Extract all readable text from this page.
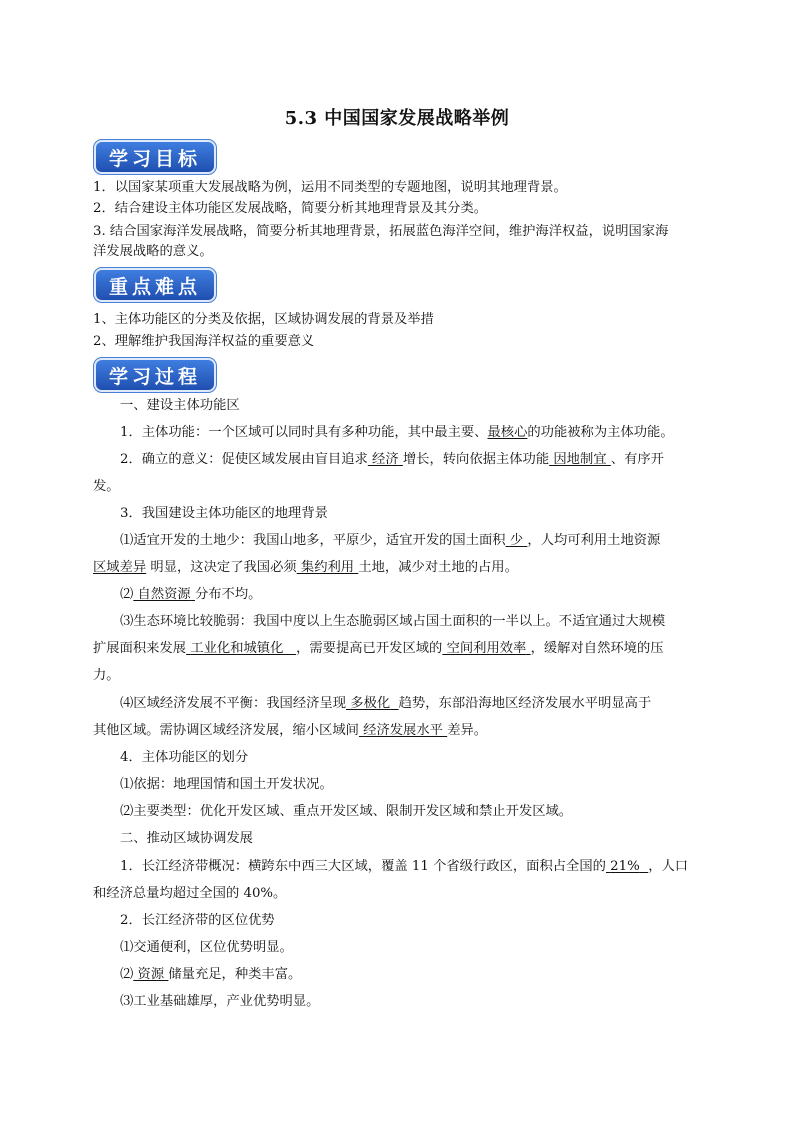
5.3 中国国家发展战略举例
学习目标
1．以国家某项重大发展战略为例，运用不同类型的专题地图，说明其地理背景。
2．结合建设主体功能区发展战略，简要分析其地理背景及其分类。
3. 结合国家海洋发展战略，简要分析其地理背景，拓展蓝色海洋空间，维护海洋权益，说明国家海
洋发展战略的意义。
重点难点
1、主体功能区的分类及依据，区域协调发展的背景及举措
2、理解维护我国海洋权益的重要意义
学习过程
一、建设主体功能区
1．主体功能：一个区域可以同时具有多种功能，其中最主要、最核心的功能被称为主体功能。
2．确立的意义：促使区域发展由盲目追求 经济 增长，转向依据主体功能 因地制宜 、有序开
发。
3．我国建设主体功能区的地理背景
⑴适宜开发的土地少：我国山地多，平原少，适宜开发的国土面积 少 ，人均可利用土地资源
区域差异 明显，这决定了我国必须 集约利用 土地，减少对土地的占用。
⑵ 自然资源 分布不均。
⑶生态环境比较脆弱：我国中度以上生态脆弱区域占国土面积的一半以上。不适宜通过大规模
扩展面积来发展 工业化和城镇化 ，需要提高已开发区域的 空间利用效率 ，缓解对自然环境的压
力。
⑷区域经济发展不平衡：我国经济呈现 多极化 趋势，东部沿海地区经济发展水平明显高于
其他区域。需协调区域经济发展，缩小区域间 经济发展水平 差异。
4．主体功能区的划分
⑴依据：地理国情和国土开发状况。
⑵主要类型：优化开发区域、重点开发区域、限制开发区域和禁止开发区域。
二、推动区域协调发展
1．长江经济带概况：横跨东中西三大区域，覆盖 11 个省级行政区，面积占全国的 21% ，人口
和经济总量均超过全国的 40%。
2．长江经济带的区位优势
⑴交通便利，区位优势明显。
⑵ 资源 储量充足，种类丰富。
⑶工业基础雄厚，产业优势明显。
